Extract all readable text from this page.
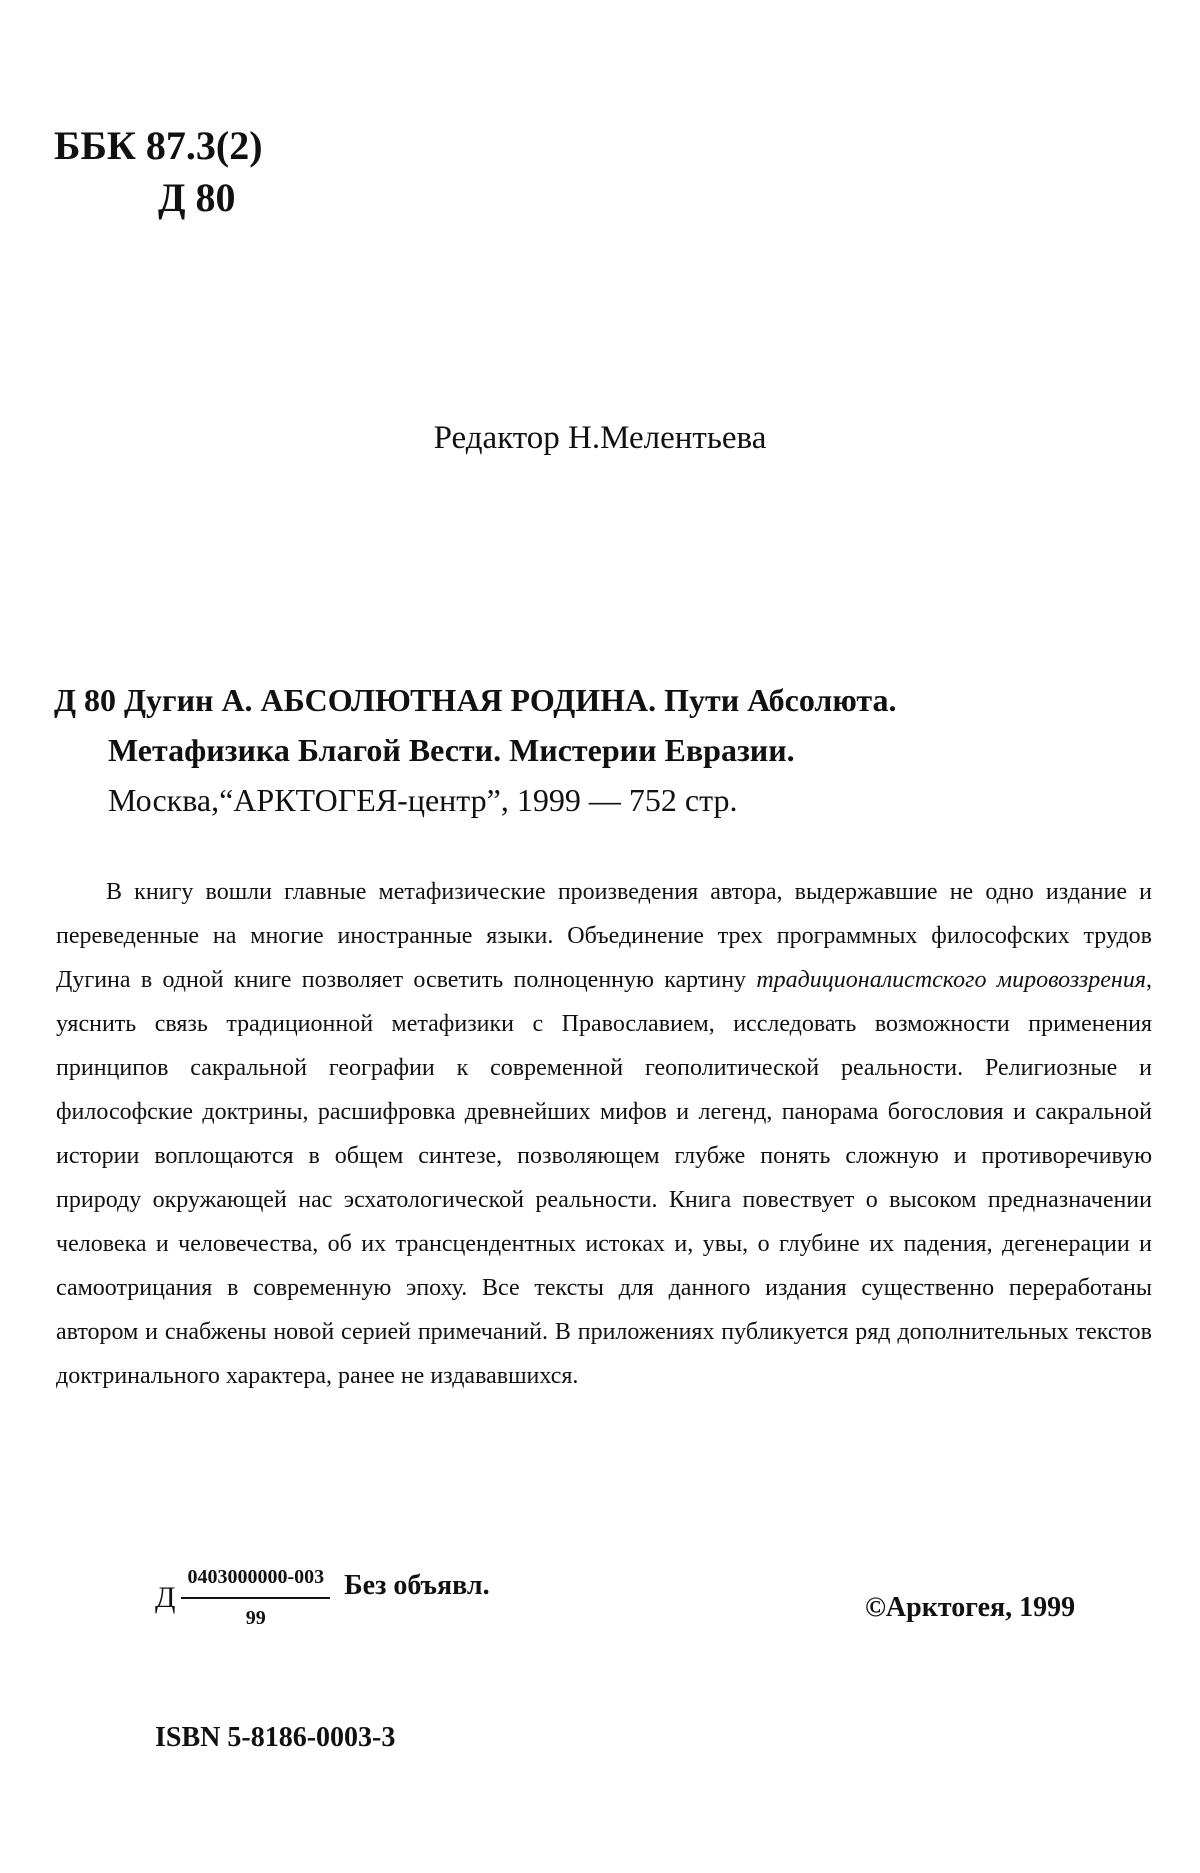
ББК 87.3(2)
Д 80
Редактор Н.Мелентьева
Д 80 Дугин А. АБСОЛЮТНАЯ РОДИНА. Пути Абсолюта.
Метафизика Благой Вести. Мистерии Евразии.
Москва,“АРКТОГЕЯ-центр”, 1999 — 752 стр.

В книгу вошли главные метафизические произведения автора, выдержавшие не одно издание и переведенные на многие иностранные языки. Объединение трех программных философских трудов Дугина в одной книге позволяет осветить полноценную картину традиционалистского мировоззрения, уяснить связь традиционной метафизики с Православием, исследовать возможности применения принципов сакральной географии к современной геополитической реальности. Религиозные и философские доктрины, расшифровка древнейших мифов и легенд, панорама богословия и сакральной истории воплощаются в общем синтезе, позволяющем глубже понять сложную и противоречивую природу окружающей нас эсхатологической реальности. Книга повествует о высоком предназначении человека и человечества, об их трансцендентных истоках и, увы, о глубине их падения, дегенерации и самоотрицания в современную эпоху. Все тексты для данного издания существенно переработаны автором и снабжены новой серией примечаний. В приложениях публикуется ряд дополнительных текстов доктринального характера, ранее не издававшихся.

Д $\frac{0403000000-003}{99}$ Без объявл.
©Арктогея, 1999
ISBN 5-8186-0003-3
